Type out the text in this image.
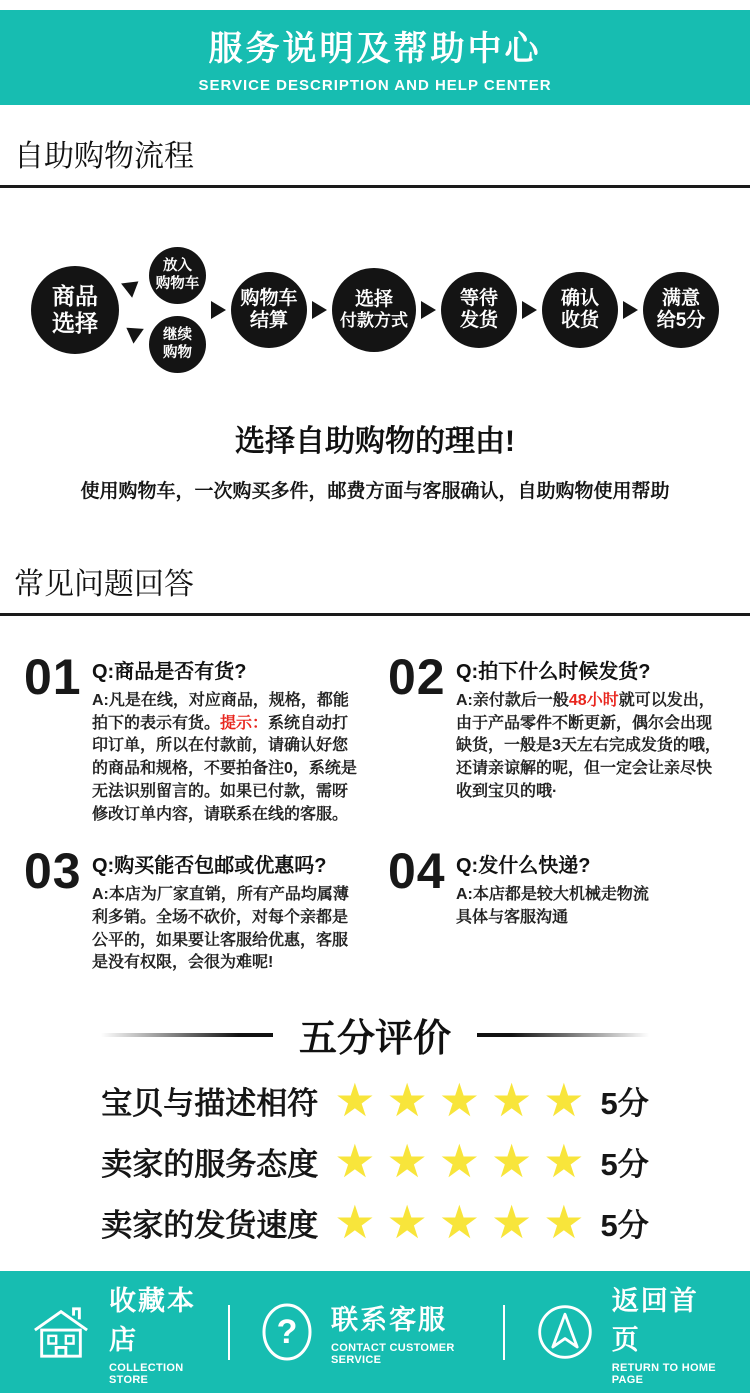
服务说明及帮助中心
SERVICE DESCRIPTION AND HELP CENTER
自助购物流程
商品
选择
放入
购物车
继续
购物
购物车
结算
选择
付款方式
等待
发货
确认
收货
满意
给5分
选择自助购物的理由!
使用购物车，一次购买多件，邮费方面与客服确认，自助购物使用帮助
常见问题回答
01 Q:商品是否有货?
A:凡是在线，对应商品，规格，都能拍下的表示有货。提示：系统自动打印订单，所以在付款前，请确认好您的商品和规格，不要拍备注0，系统是无法识别留言的。如果已付款，需呀修改订单内容，请联系在线的客服。
02 Q:拍下什么时候发货?
A:亲付款后一般48小时就可以发出，由于产品零件不断更新，偶尔会出现缺货，一般是3天左右完成发货的哦，还请亲谅解的呢，但一定会让亲尽快收到宝贝的哦·
03 Q:购买能否包邮或优惠吗?
A:本店为厂家直销，所有产品均属薄利多销。全场不砍价，对每个亲都是公平的，如果要让客服给优惠，客服是没有权限，会很为难呢!
04 Q:发什么快递?
A:本店都是较大机械走物流
具体与客服沟通
五分评价
宝贝与描述相符 ★ ★ ★ ★ ★ 5分
卖家的服务态度 ★ ★ ★ ★ ★ 5分
卖家的发货速度 ★ ★ ★ ★ ★ 5分
收藏本店
COLLECTION STORE
? 联系客服
CONTACT CUSTOMER SERVICE
返回首页
RETURN TO HOME PAGE
